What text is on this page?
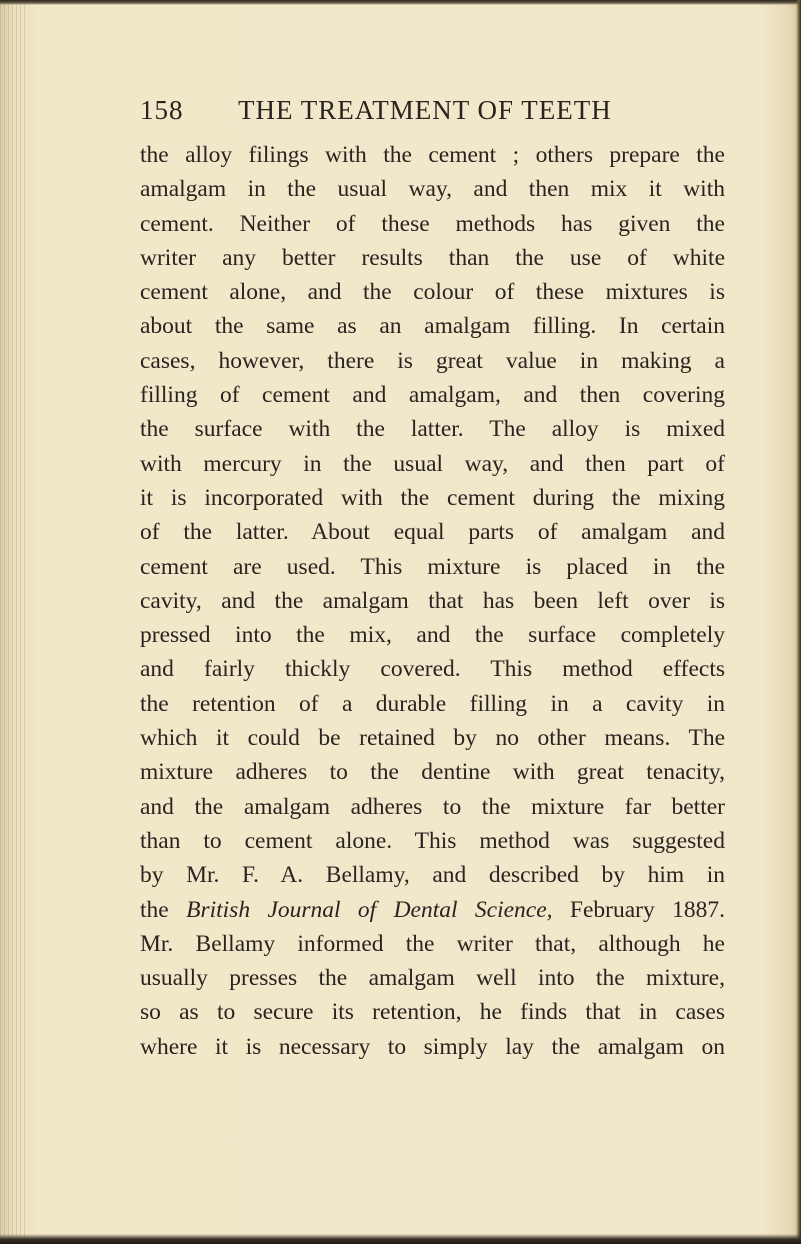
158 THE TREATMENT OF TEETH
the alloy filings with the cement ; others prepare the
amalgam in the usual way, and then mix it with
cement. Neither of these methods has given the
writer any better results than the use of white
cement alone, and the colour of these mixtures is
about the same as an amalgam filling. In certain
cases, however, there is great value in making a
filling of cement and amalgam, and then covering
the surface with the latter. The alloy is mixed
with mercury in the usual way, and then part of
it is incorporated with the cement during the mixing
of the latter. About equal parts of amalgam and
cement are used. This mixture is placed in the
cavity, and the amalgam that has been left over is
pressed into the mix, and the surface completely
and fairly thickly covered. This method effects
the retention of a durable filling in a cavity in
which it could be retained by no other means. The
mixture adheres to the dentine with great tenacity,
and the amalgam adheres to the mixture far better
than to cement alone. This method was suggested
by Mr. F. A. Bellamy, and described by him in
the British Journal of Dental Science, February 1887.
Mr. Bellamy informed the writer that, although he
usually presses the amalgam well into the mixture,
so as to secure its retention, he finds that in cases
where it is necessary to simply lay the amalgam on
